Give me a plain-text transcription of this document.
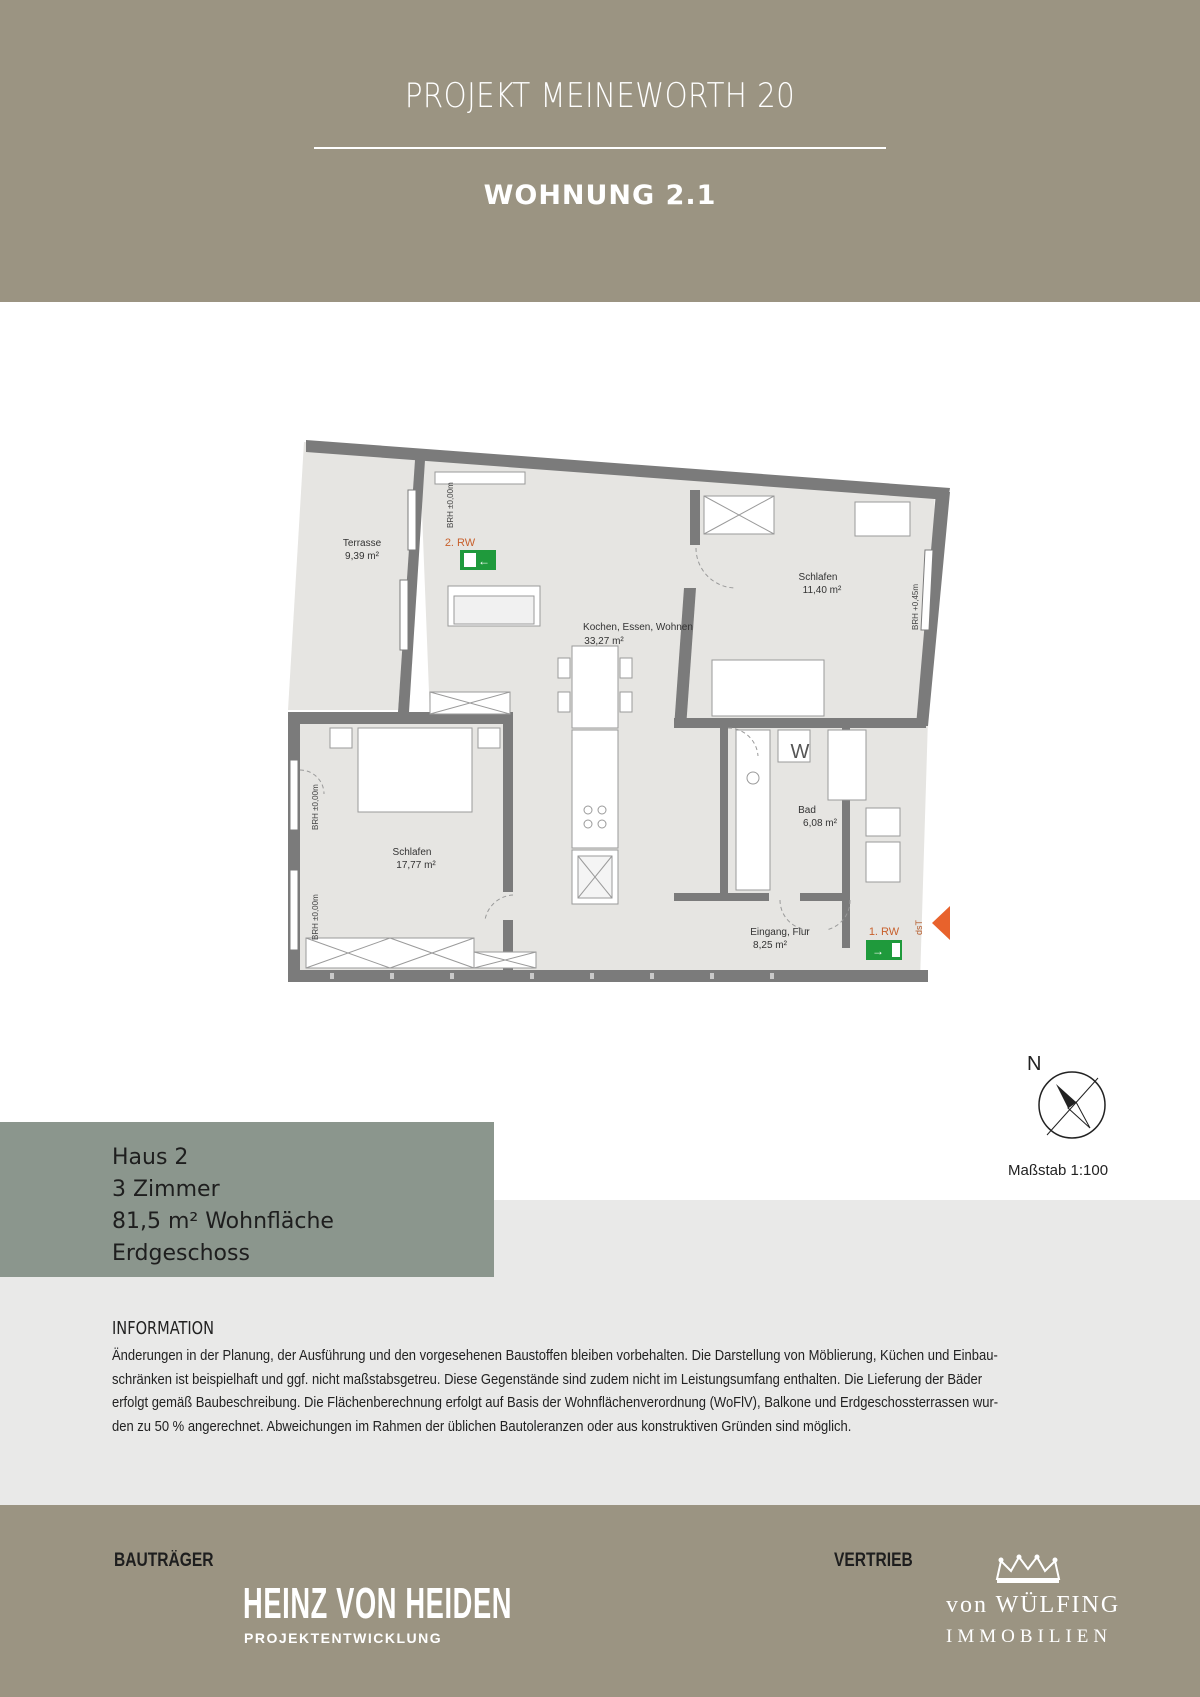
PROJEKT MEINEWORTH 20
WOHNUNG 2.1
Terrasse
9,39 m²
Kochen, Essen, Wohnen
33,27 m²
Schlafen
11,40 m²
Schlafen
17,77 m²
Bad
6,08 m²
Eingang, Flur
8,25 m²
W
BRH ±0,00m
BRH +0,45m
BRH ±0,00m
BRH ±0,00m	dsT
2. RW
←
1. RW
→
N
Maßstab 1:100
Haus 2
3 Zimmer
81,5 m² Wohnfläche
Erdgeschoss
INFORMATION
Änderungen in der Planung, der Ausführung und den vorgesehenen Baustoffen bleiben vorbehalten. Die Darstellung von Möblierung, Küchen und Einbau-
schränken ist beispielhaft und ggf. nicht maßstabsgetreu. Diese Gegenstände sind zudem nicht im Leistungsumfang enthalten. Die Lieferung der Bäder
erfolgt gemäß Baubeschreibung. Die Flächenberechnung erfolgt auf Basis der Wohnflächenverordnung (WoFlV), Balkone und Erdgeschossterrassen wur-
den zu 50 % angerechnet. Abweichungen im Rahmen der üblichen Bautoleranzen oder aus konstruktiven Gründen sind möglich.
BAUTRÄGER
HEINZ VON HEIDEN
PROJEKTENTWICKLUNG
VERTRIEB
von WÜLFING
IMMOBILIEN
